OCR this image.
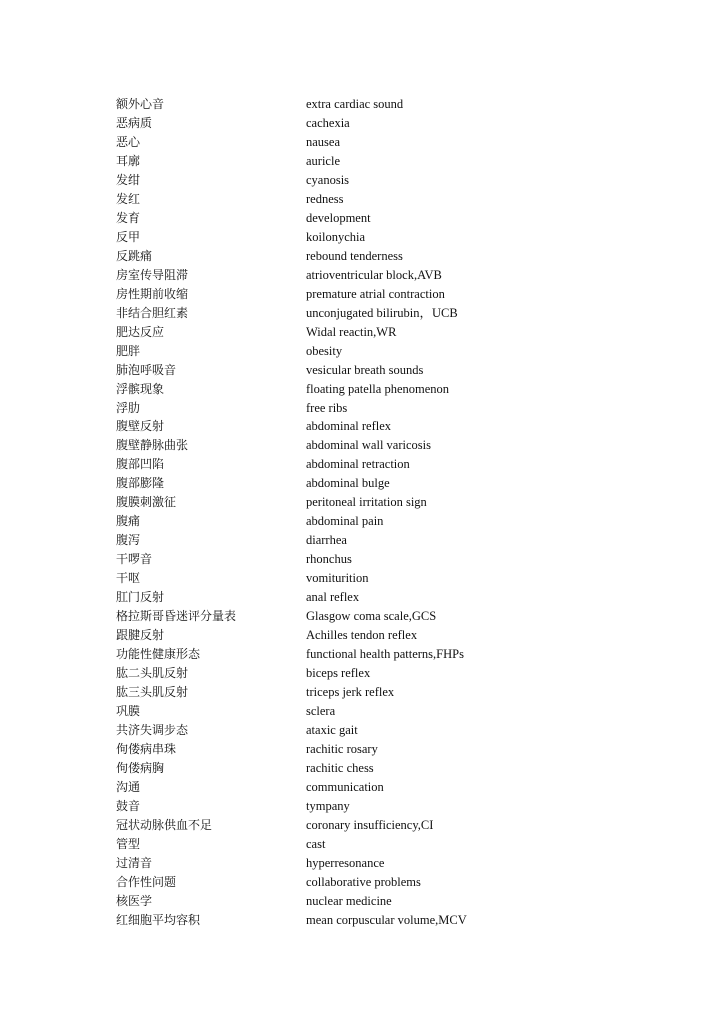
额外心音	extra cardiac sound
恶病质	cachexia
恶心	nausea
耳廓	auricle
发绀	cyanosis
发红	redness
发育	development
反甲	koilonychia
反跳痛	rebound tenderness
房室传导阻滞	atrioventricular block,AVB
房性期前收缩	premature atrial contraction
非结合胆红素	unconjugated bilirubin，UCB
肥达反应	Widal reactin,WR
肥胖	obesity
肺泡呼吸音	vesicular breath sounds
浮髌现象	floating patella phenomenon
浮肋	free ribs
腹壁反射	abdominal reflex
腹壁静脉曲张	abdominal wall varicosis
腹部凹陷	abdominal retraction
腹部膨隆	abdominal bulge
腹膜刺激征	peritoneal irritation sign
腹痛	abdominal pain
腹泻	diarrhea
干啰音	rhonchus
干呕	vomiturition
肛门反射	anal reflex
格拉斯哥昏迷评分量表	Glasgow coma scale,GCS
跟腱反射	Achilles tendon reflex
功能性健康形态	functional health patterns,FHPs
肱二头肌反射	biceps reflex
肱三头肌反射	triceps jerk reflex
巩膜	sclera
共济失调步态	ataxic gait
佝偻病串珠	rachitic rosary
佝偻病胸	rachitic chess
沟通	communication
鼓音	tympany
冠状动脉供血不足	coronary insufficiency,CI
管型	cast
过清音	hyperresonance
合作性问题	collaborative problems
核医学	nuclear medicine
红细胞平均容积	mean corpuscular volume,MCV
